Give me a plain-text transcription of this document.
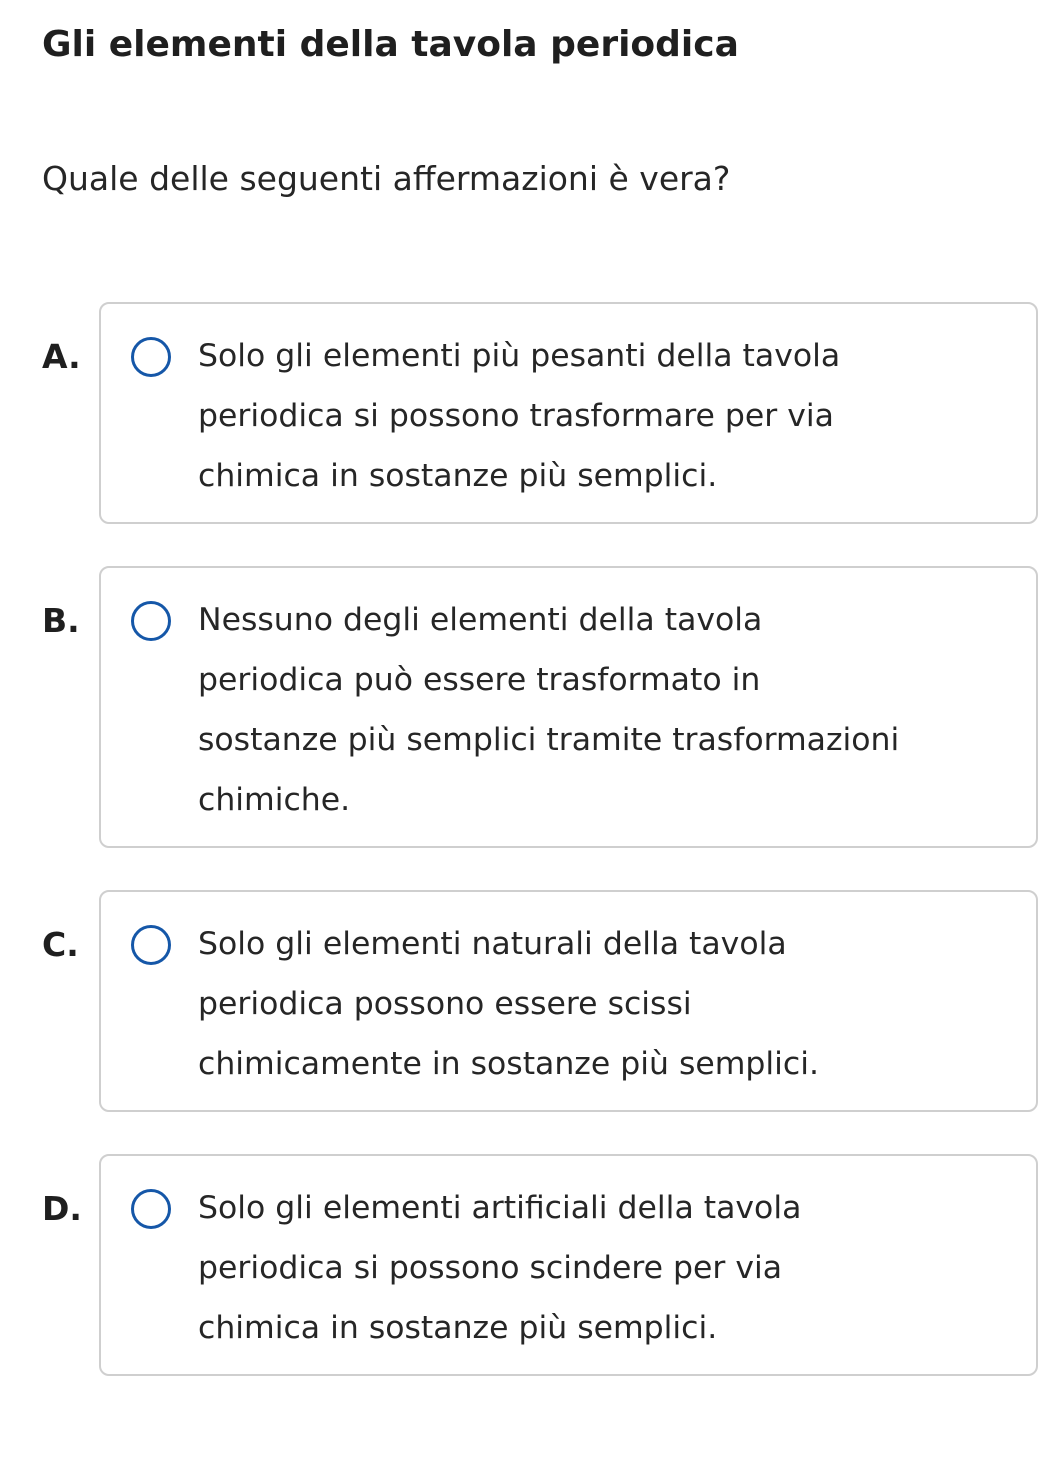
Gli elementi della tavola periodica
Quale delle seguenti affermazioni è vera?
A.	Solo gli elementi più pesanti della tavola
periodica si possono trasformare per via
chimica in sostanze più semplici.
B.	Nessuno degli elementi della tavola
periodica può essere trasformato in
sostanze più semplici tramite trasformazioni
chimiche.
C.	Solo gli elementi naturali della tavola
periodica possono essere scissi
chimicamente in sostanze più semplici.
D.	Solo gli elementi artificiali della tavola
periodica si possono scindere per via
chimica in sostanze più semplici.
